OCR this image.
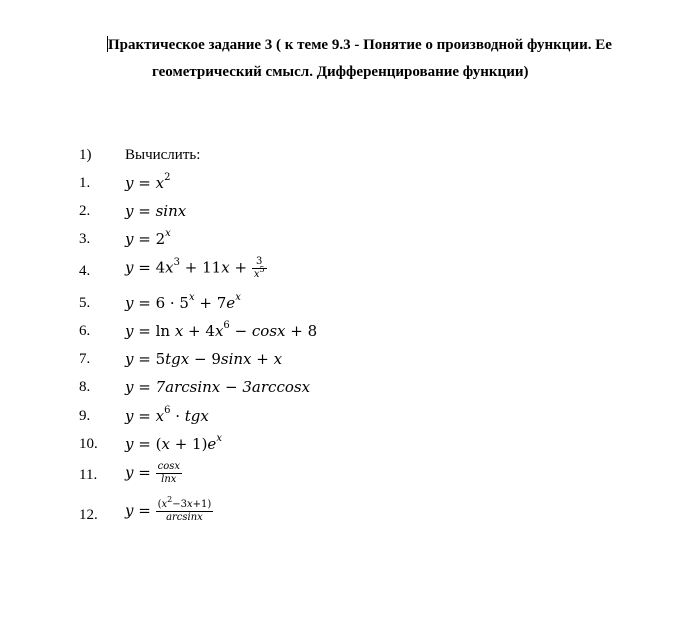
Практическое задание 3 ( к теме 9.3 - Понятие о производной функции. Ее
геометрический смысл. Дифференцирование функции)
1) Вычислить:
1. $y = x^2$
2. y = sinx
3. $y = 2^x$
4. $y = 4x^3 + 11x + \frac{3}{x^5}$
5. $y = 6 \cdot 5^x + 7e^x$
6. $y = \ln x + 4x^6 - \cos x + 8$
7. y = 5tgx − 9sinx + x
8. y = 7arcsinx − 3arccosx
9. $y = x^6$ · tgx
10. $y = (x + 1)e^x$
11. $y = \frac{\cos x}{\ln x}$
12. $y = \frac{(x^2-3x+1)}{\arcsin x}$
